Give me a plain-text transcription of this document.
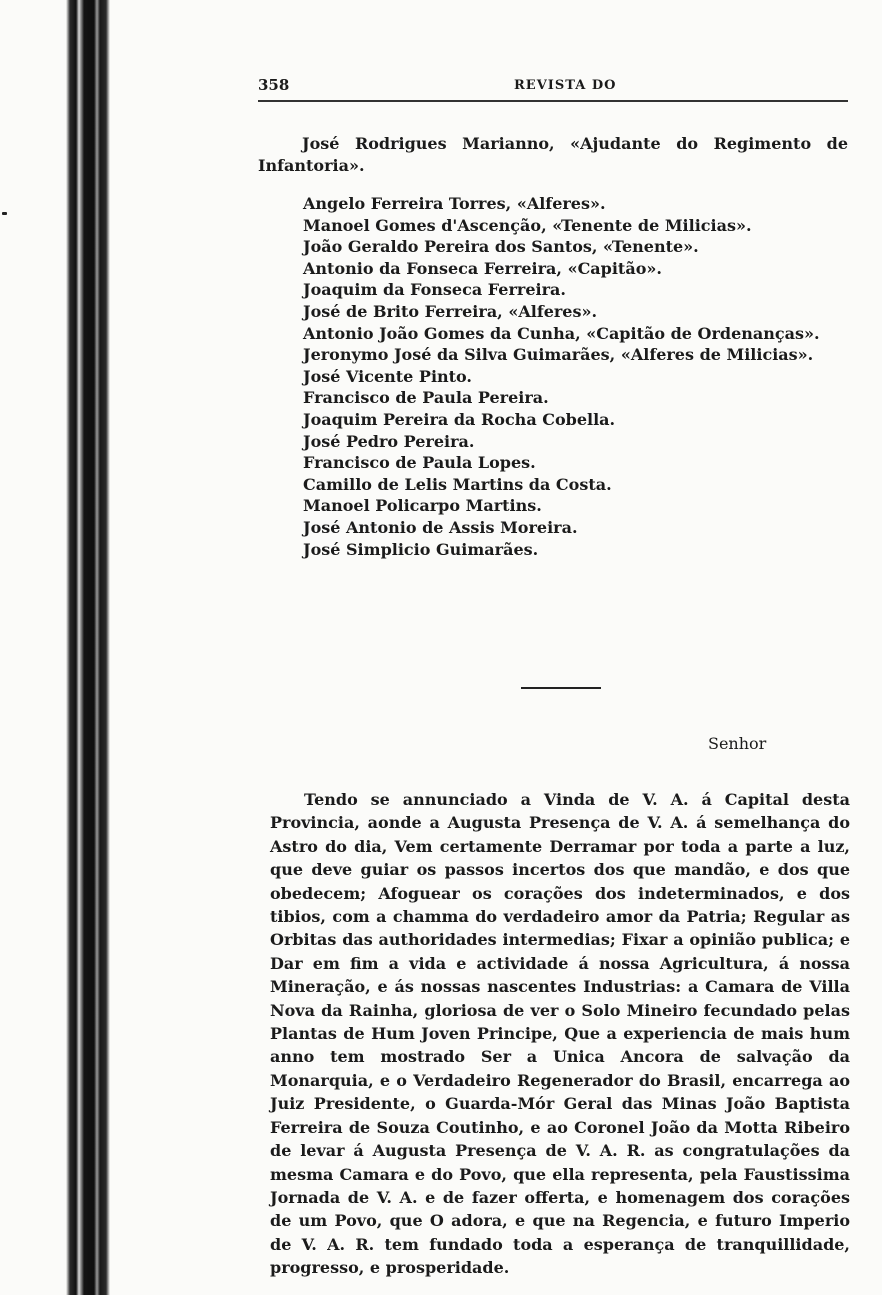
358	REVISTA DO
José Rodrigues Marianno, «Ajudante do Regimento de Infantoria».
Angelo Ferreira Torres, «Alferes».
Manoel Gomes d'Ascenção, «Tenente de Milicias».
João Geraldo Pereira dos Santos, «Tenente».
Antonio da Fonseca Ferreira, «Capitão».
Joaquim da Fonseca Ferreira.
José de Brito Ferreira, «Alferes».
Antonio João Gomes da Cunha, «Capitão de Ordenanças».
Jeronymo José da Silva Guimarães, «Alferes de Milicias».
José Vicente Pinto.
Francisco de Paula Pereira.
Joaquim Pereira da Rocha Cobella.
José Pedro Pereira.
Francisco de Paula Lopes.
Camillo de Lelis Martins da Costa.
Manoel Policarpo Martins.
José Antonio de Assis Moreira.
José Simplicio Guimarães.
Senhor

Tendo se annunciado a Vinda de V. A. á Capital desta Provincia, aonde a Augusta Presença de V. A. á semelhança do Astro do dia, Vem certamente Derramar por toda a parte a luz, que deve guiar os passos incertos dos que mandão, e dos que obedecem; Afoguear os corações dos indeterminados, e dos tibios, com a chamma do verdadeiro amor da Patria; Regular as Orbitas das authoridades intermedias; Fixar a opinião publica; e Dar em fim a vida e actividade á nossa Agricultura, á nossa Mineração, e ás nossas nascentes Industrias: a Camara de Villa Nova da Rainha, gloriosa de ver o Solo Mineiro fecundado pelas Plantas de Hum Joven Principe, Que a experiencia de mais hum anno tem mostrado Ser a Unica Ancora de salvação da Monarquia, e o Verdadeiro Regenerador do Brasil, encarrega ao Juiz Presidente, o Guarda-Mór Geral das Minas João Baptista Ferreira de Souza Coutinho, e ao Coronel João da Motta Ribeiro de levar á Augusta Presença de V. A. R. as congratulações da mesma Camara e do Povo, que ella representa, pela Faustissima Jornada de V. A. e de fazer offerta, e homenagem dos corações de um Povo, que O adora, e que na Regencia, e futuro Imperio de V. A. R. tem fundado toda a esperança de tranquillidade, progresso, e prosperidade.
